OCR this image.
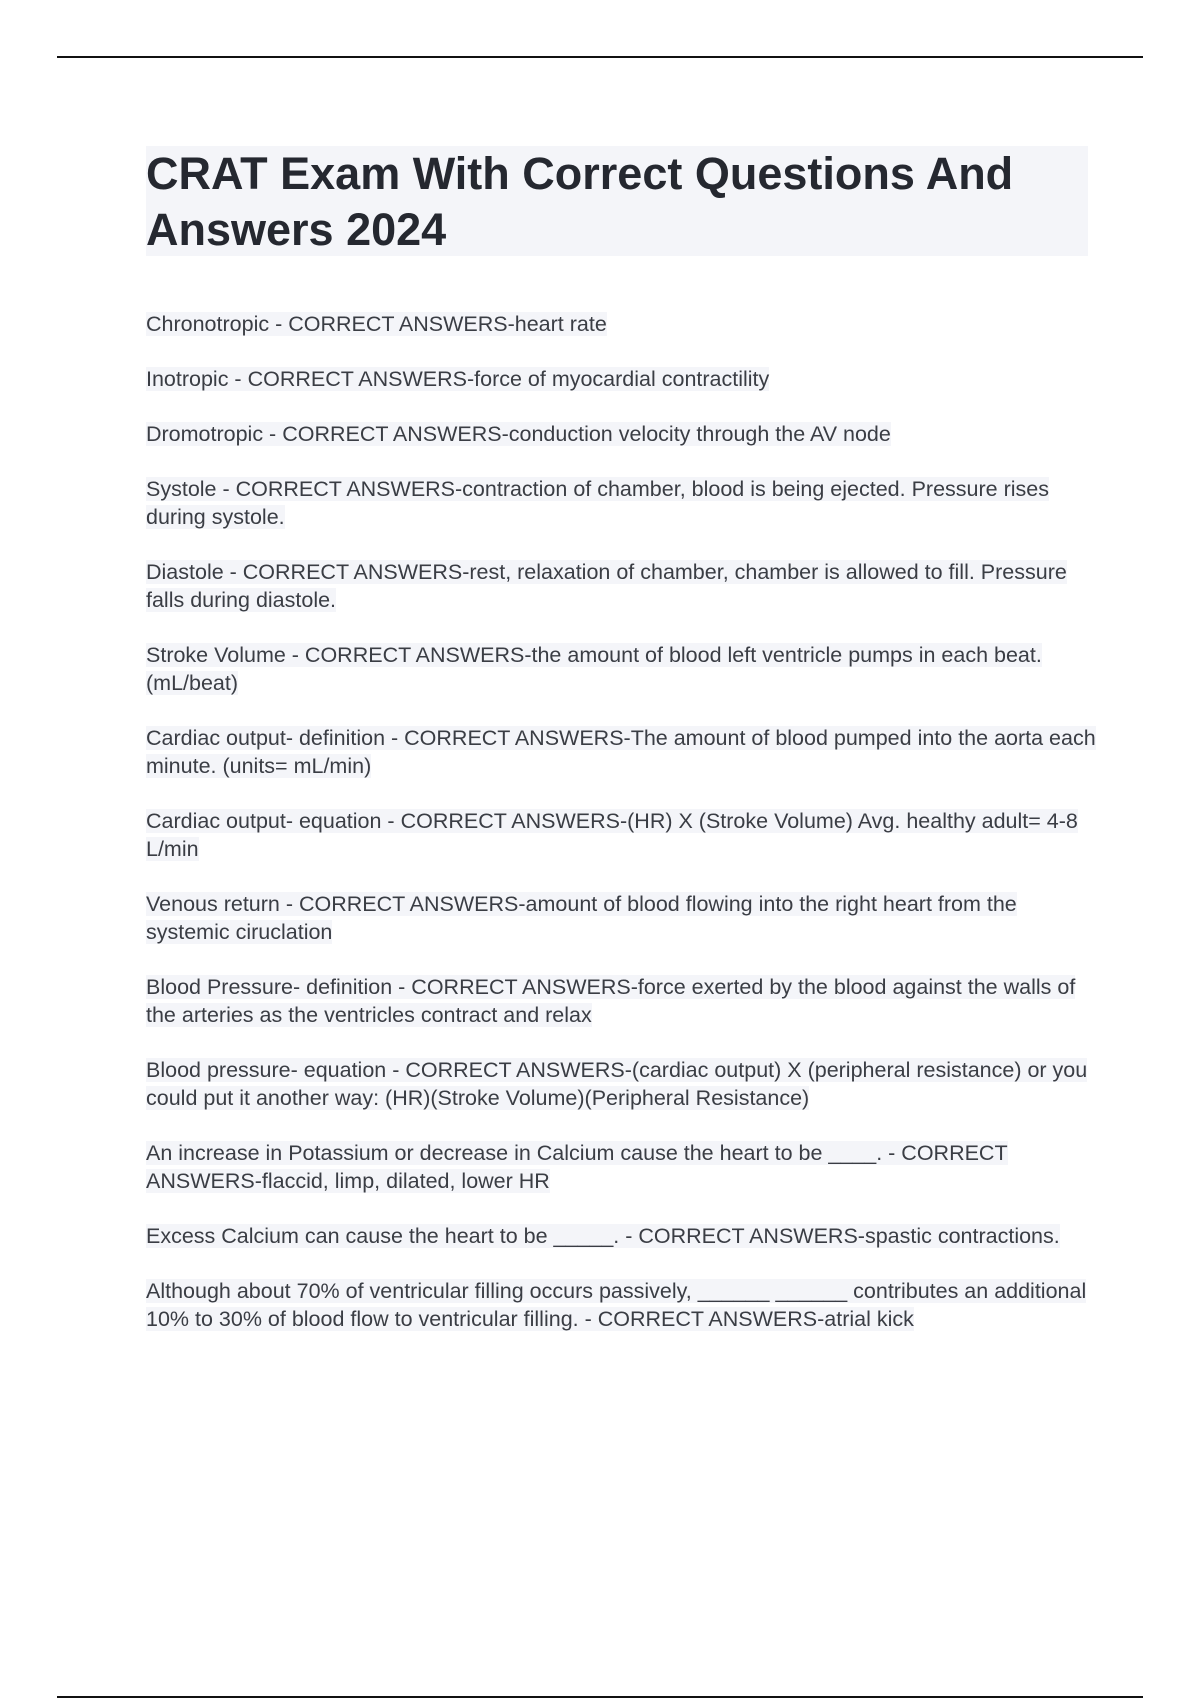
CRAT Exam With Correct Questions And Answers 2024
Chronotropic - CORRECT ANSWERS-heart rate
Inotropic - CORRECT ANSWERS-force of myocardial contractility
Dromotropic - CORRECT ANSWERS-conduction velocity through the AV node
Systole - CORRECT ANSWERS-contraction of chamber, blood is being ejected. Pressure rises during systole.
Diastole - CORRECT ANSWERS-rest, relaxation of chamber, chamber is allowed to fill. Pressure falls during diastole.
Stroke Volume - CORRECT ANSWERS-the amount of blood left ventricle pumps in each beat. (mL/beat)
Cardiac output- definition - CORRECT ANSWERS-The amount of blood pumped into the aorta each minute. (units= mL/min)
Cardiac output- equation - CORRECT ANSWERS-(HR) X (Stroke Volume) Avg. healthy adult= 4-8 L/min
Venous return - CORRECT ANSWERS-amount of blood flowing into the right heart from the systemic ciruclation
Blood Pressure- definition - CORRECT ANSWERS-force exerted by the blood against the walls of the arteries as the ventricles contract and relax
Blood pressure- equation - CORRECT ANSWERS-(cardiac output) X (peripheral resistance) or you could put it another way: (HR)(Stroke Volume)(Peripheral Resistance)
An increase in Potassium or decrease in Calcium cause the heart to be ____. - CORRECT ANSWERS-flaccid, limp, dilated, lower HR
Excess Calcium can cause the heart to be _____. - CORRECT ANSWERS-spastic contractions.
Although about 70% of ventricular filling occurs passively, ______ ______ contributes an additional 10% to 30% of blood flow to ventricular filling. - CORRECT ANSWERS-atrial kick
